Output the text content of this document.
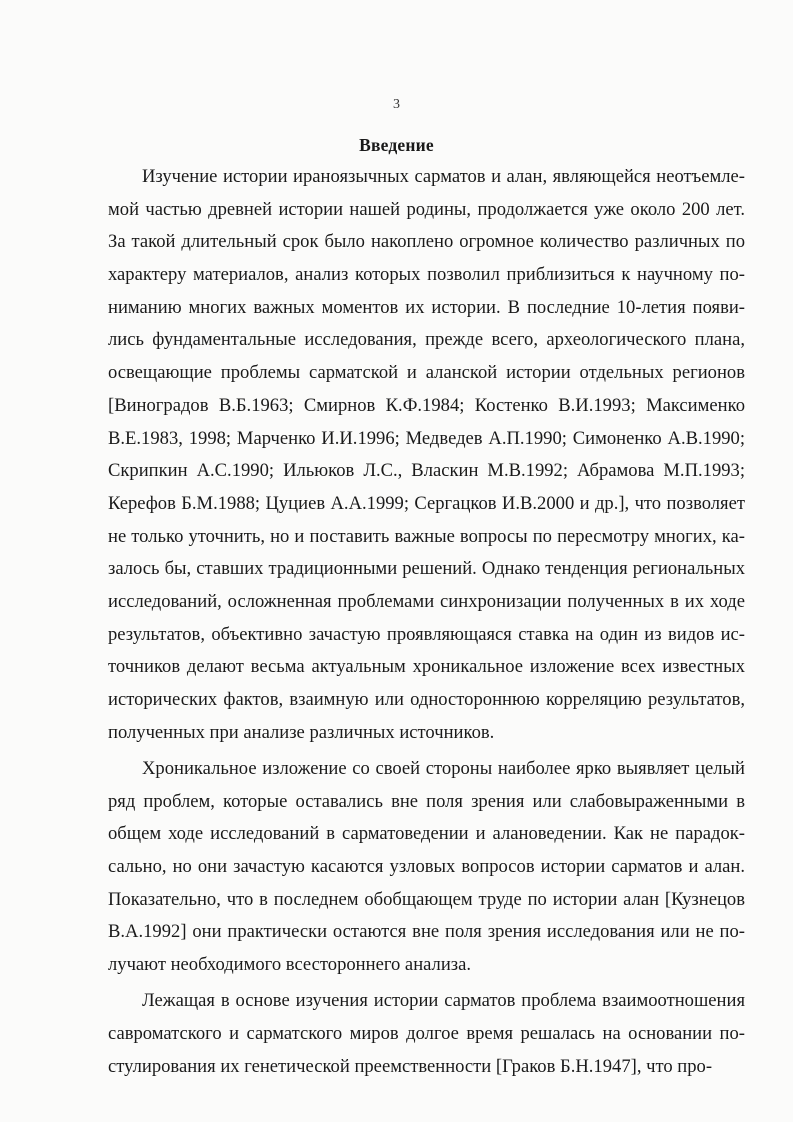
3
Введение
Изучение истории ираноязычных сарматов и алан, являющейся неотъемле-
мой частью древней истории нашей родины, продолжается уже около 200 лет.
За такой длительный срок было накоплено огромное количество различных по
характеру материалов, анализ которых позволил приблизиться к научному по-
ниманию многих важных моментов их истории. В последние 10-летия появи-
лись фундаментальные исследования, прежде всего, археологического плана,
освещающие проблемы сарматской и аланской истории отдельных регионов
[Виноградов В.Б.1963; Смирнов К.Ф.1984; Костенко В.И.1993; Максименко
В.Е.1983, 1998; Марченко И.И.1996; Медведев А.П.1990; Симоненко А.В.1990;
Скрипкин А.С.1990; Ильюков Л.С., Власкин М.В.1992; Абрамова М.П.1993;
Керефов Б.М.1988; Цуциев А.А.1999; Сергацков И.В.2000 и др.], что позволяет
не только уточнить, но и поставить важные вопросы по пересмотру многих, ка-
залось бы, ставших традиционными решений. Однако тенденция региональных
исследований, осложненная проблемами синхронизации полученных в их ходе
результатов, объективно зачастую проявляющаяся ставка на один из видов ис-
точников делают весьма актуальным хроникальное изложение всех известных
исторических фактов, взаимную или одностороннюю корреляцию результатов,
полученных при анализе различных источников.
Хроникальное изложение со своей стороны наиболее ярко выявляет целый
ряд проблем, которые оставались вне поля зрения или слабовыраженными в
общем ходе исследований в сарматоведении и алановедении. Как не парадок-
сально, но они зачастую касаются узловых вопросов истории сарматов и алан.
Показательно, что в последнем обобщающем труде по истории алан [Кузнецов
В.А.1992] они практически остаются вне поля зрения исследования или не по-
лучают необходимого всестороннего анализа.
Лежащая в основе изучения истории сарматов проблема взаимоотношения
савроматского и сарматского миров долгое время решалась на основании по-
стулирования их генетической преемственности [Граков Б.Н.1947], что про-
